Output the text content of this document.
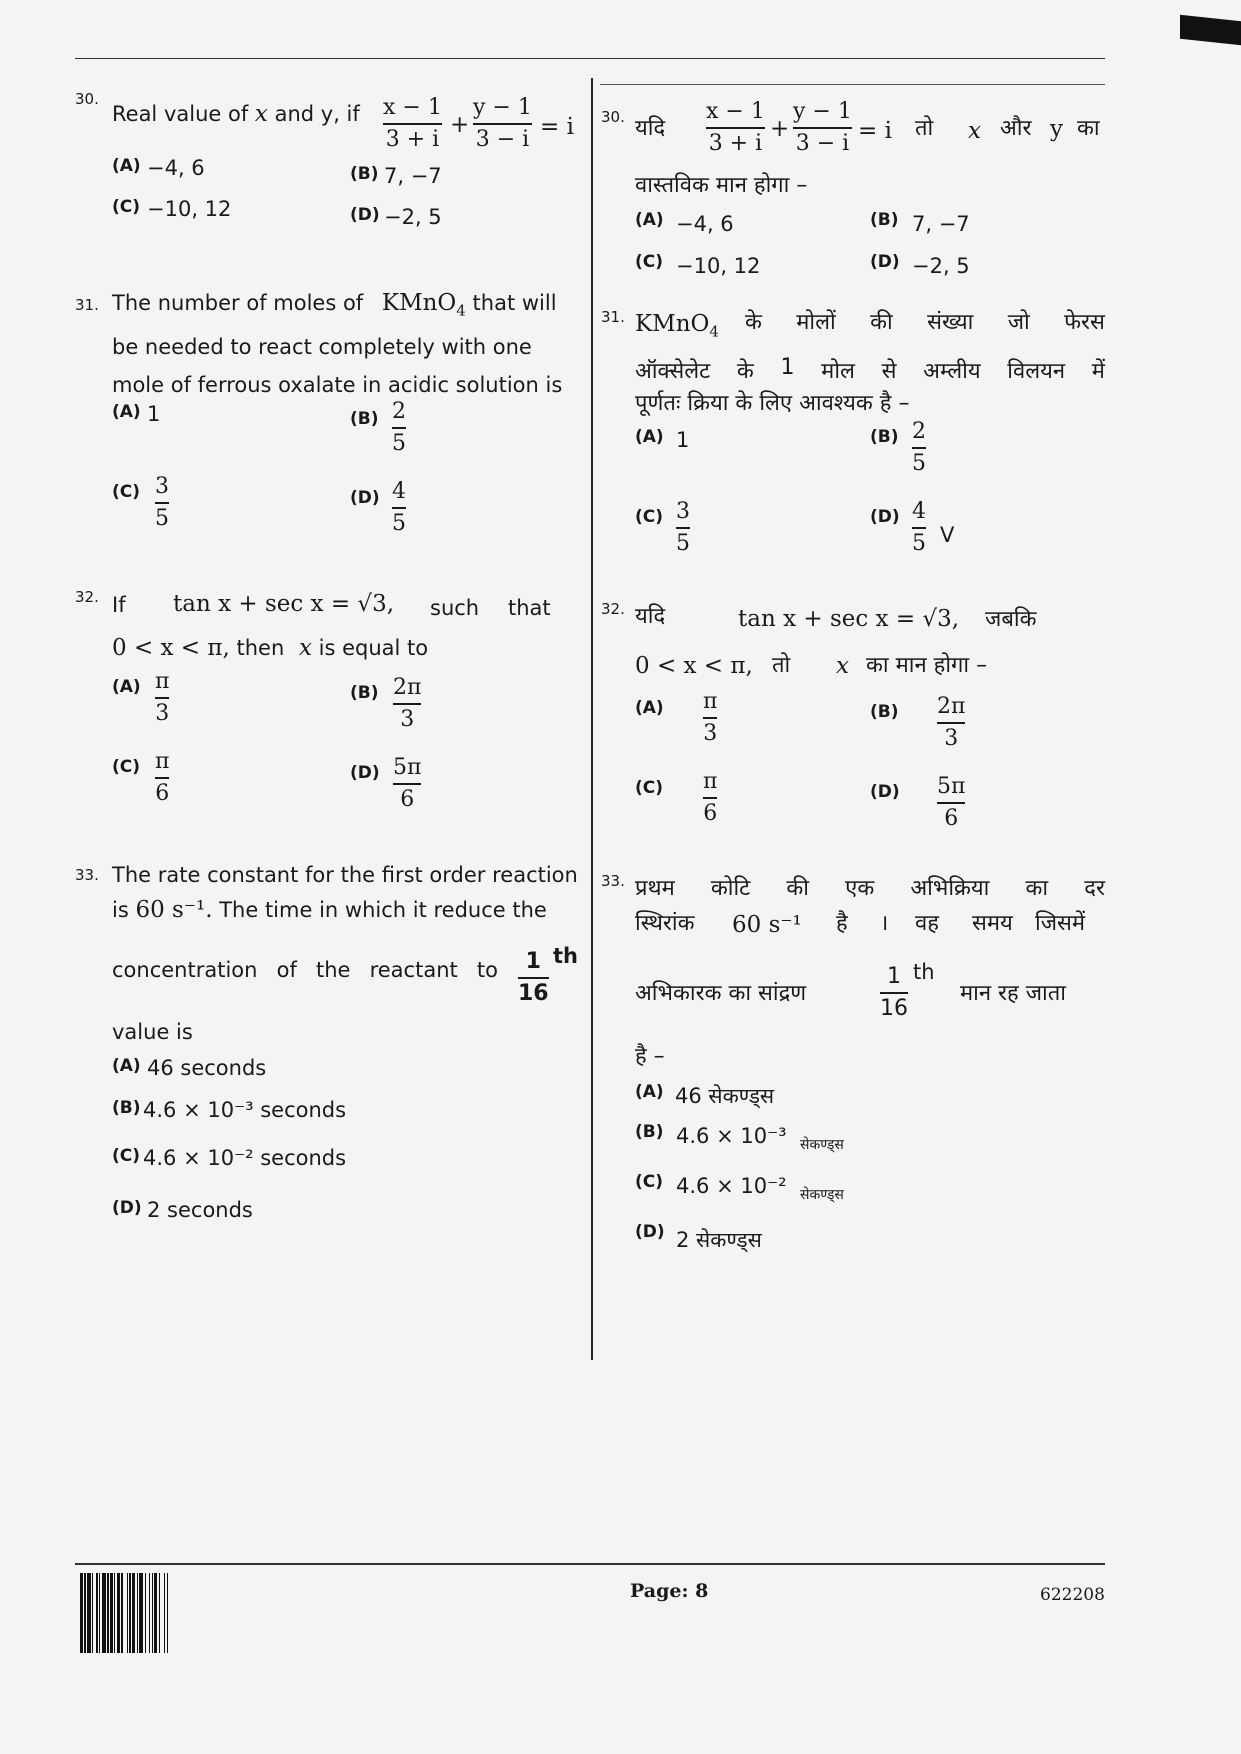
30.
Real value of x and y, if x − 1
3 + i
+
y − 1
3 − i = i
(A) −4, 6	(B) 7, −7
(C) −10, 12	(D) −2, 5
31. The number of moles of KMnO$_4$ that will
be needed to react completely with one
mole of ferrous oxalate in acidic solution is
(A) 1	(B) 2
5
(C) 3
5
(D) 4
5
32. If tan x + sec x = √3, such that
0 < x < π, then x is equal to
(A) π
3
(B) 2π
3
(C) π
6
(D) 5π
6
33. The rate constant for the first order reaction
is 60 s⁻¹. The time in which it reduce the
concentration of the reactant to 1
16
th
value is
(A) 46 seconds
(B) 4.6 × 10⁻³ seconds
(C) 4.6 × 10⁻² seconds
(D) 2 seconds
30. यदि
x − 1
3 + i
+
y − 1
3 − i = i तो x और y का
वास्तविक मान होगा –
(A) −4, 6	(B) 7, −7
(C) −10, 12	(D) −2, 5
31. KMnO$_4$ के मोलों की संख्या जो फेरस
ऑक्सेलेट के 1 मोल से अम्लीय विलयन में
पूर्णतः क्रिया के लिए आवश्यक है –
(A) 1	(B) 2
5
(C) 3
5
(D) 4
5 V
32. यदि	tan x + sec x = √3, जबकि
0 < x < π, तो x का मान होगा –
(A) π
3
(B) 2π
3
(C) π
6
(D) 5π
6
33. प्रथम कोटि की एक अभिक्रिया का दर
स्थिरांक 60 s⁻¹ है । वह समय जिसमें
अभिकारक का सांद्रण
1
16
th
मान रह जाता
है –
(A) 46 सेकण्ड्स
(B) 4.6 × 10⁻³ सेकण्ड्स
(C) 4.6 × 10⁻² सेकण्ड्स
(D) 2 सेकण्ड्स
Page: 8	622208
